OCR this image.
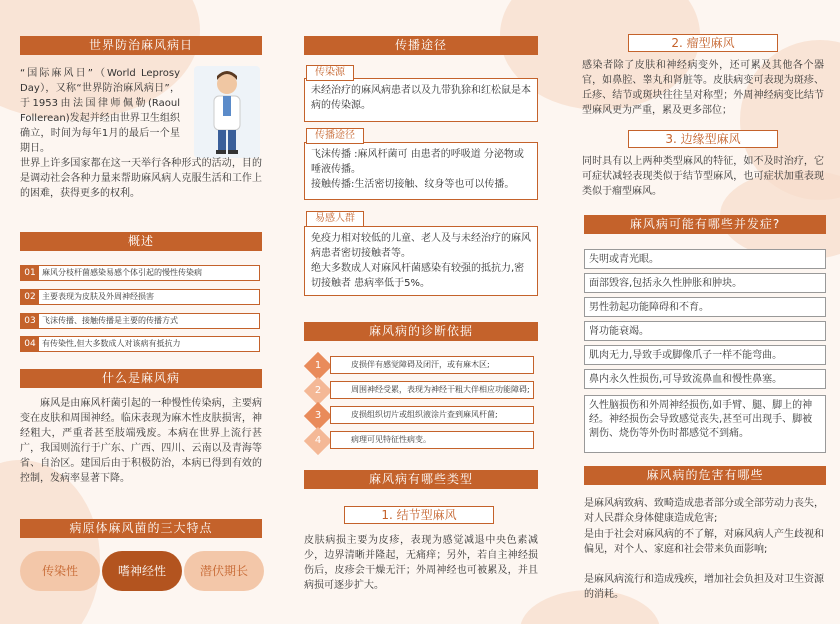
世界防治麻风病日
“国际麻风日”（World Leprosy Day），又称“世界防治麻风病日”，于1953由法国律师佩勒(Raoul Follerean)发起并经由世界卫生组织确立，时间为每年1月的最后一个星期日。
世界上许多国家都在这一天举行各种形式的活动，目的是调动社会各种力量来帮助麻风病人克服生活和工作上的困难，获得更多的权利。
概述
01 麻风分枝杆菌感染易感个体引起的慢性传染病
02 主要表现为皮肤及外周神经损害
03 飞沫传播、接触传播是主要的传播方式
04 有传染性,但大多数成人对该病有抵抗力
什么是麻风病
麻风是由麻风杆菌引起的一种慢性传染病，主要病变在皮肤和周围神经。临床表现为麻木性皮肤损害，神经粗大，严重者甚至肢端残废。本病在世界上流行甚广，我国则流行于广东、广西、四川、云南以及青海等省、自治区。建国后由于积极防治，本病已得到有效的控制，发病率显著下降。
病原体麻风菌的三大特点
传染性	嗜神经性	潜伏期长
传播途径
传染源
未经治疗的麻风病患者以及九带犰狳和红松鼠是本病的传染源。
传播途径
飞沫传播 :麻风杆菌可 由患者的呼吸道 分泌物或唾液传播。
接触传播:生活密切接触、纹身等也可以传播。
易感人群
免疫力相对较低的儿童、老人及与未经治疗的麻风病患者密切接触者等。
绝大多数成人对麻风杆菌感染有较强的抵抗力,密切接触者 患病率低于5%。
麻风病的诊断依据
1	皮损伴有感觉障碍及闭汗，或有麻木区;
2	周围神经受累，表现为神经干粗大伴相应功能障碍;
3	皮损组织切片或组织液涂片查到麻风杆菌;
4	病理可见特征性病变。
麻风病有哪些类型
1. 结节型麻风
皮肤病损主要为皮疹，表现为感觉减退中央色素减少，边界清晰并隆起，无痛痒；另外，若自主神经损伤后，皮疹会干燥无汗；外周神经也可被累及，并且病损可逐步扩大。
2. 瘤型麻风
感染者除了皮肤和神经病变外，还可累及其他各个器官，如鼻腔、睾丸和肾脏等。皮肤病变可表现为斑疹、丘疹、结节或斑块往往呈对称型；外周神经病变比结节型麻风更为严重，累及更多部位；
3. 边缘型麻风
同时具有以上两种类型麻风的特征，如不及时治疗，它可症状减轻表现类似于结节型麻风，也可症状加重表现类似于瘤型麻风。
麻风病可能有哪些并发症?
失明或青光眼。
面部毁容,包括永久性肿胀和肿块。
男性勃起功能障碍和不育。
肾功能衰竭。
肌肉无力,导致手或脚像爪子一样不能弯曲。
鼻内永久性损伤,可导致流鼻血和慢性鼻塞。
久性脑损伤和外周神经损伤,如手臂、腿、脚上的神经。神经损伤会导致感觉丧失,甚至可出现手、脚被割伤、烧伤等外伤时都感觉不到痛。
麻风病的危害有哪些
是麻风病致病、致畸造成患者部分或全部劳动力丧失，对人民群众身体健康造成危害;
是由于社会对麻风病的不了解，对麻风病人产生歧视和偏见，对个人、家庭和社会带来负面影响;
是麻风病流行和造成残疾，增加社会负担及对卫生资源的消耗。
